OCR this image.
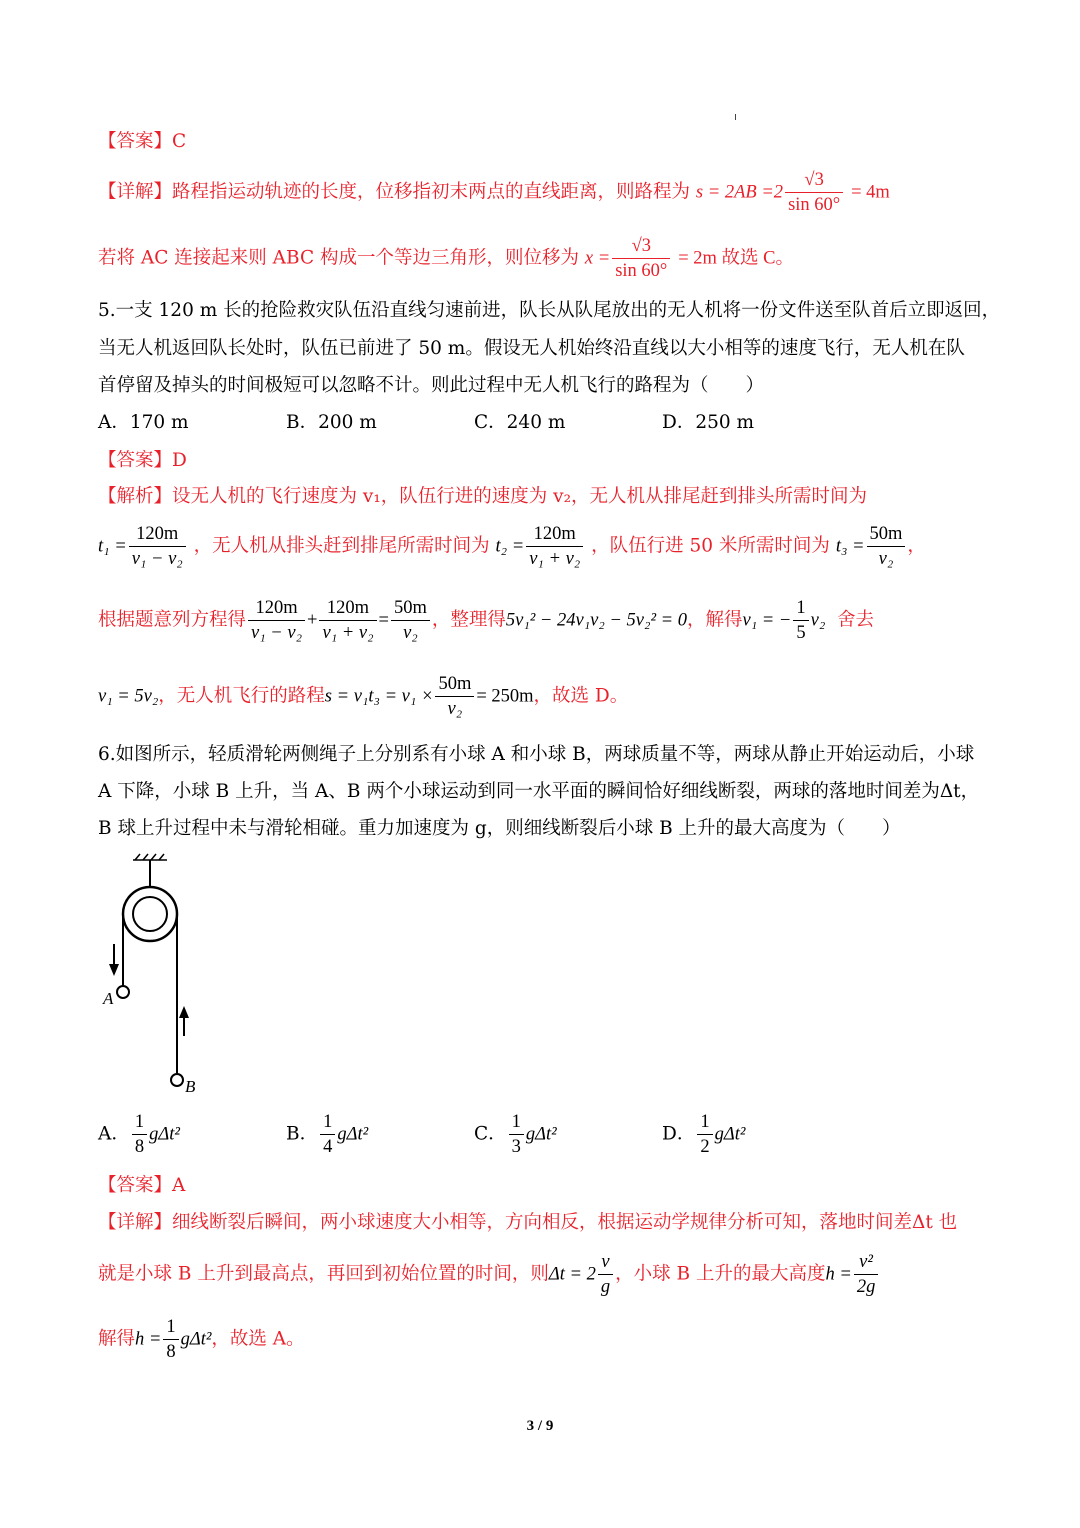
【答案】C
【详解】路程指运动轨迹的长度，位移指初末两点的直线距离，则路程为 $s = 2AB =2 \frac{√3}{\sin 60^\circ} = 4m$
若将 AC 连接起来则 ABC 构成一个等边三角形，则位移为 $x = \frac{√3}{\sin 60^\circ} = 2m$ 故选 C。
5.一支 120 m 长的抢险救灾队伍沿直线匀速前进，队长从队尾放出的无人机将一份文件送至队首后立即返回，
当无人机返回队长处时，队伍已前进了 50 m。假设无人机始终沿直线以大小相等的速度飞行，无人机在队
首停留及掉头的时间极短可以忽略不计。则此过程中无人机飞行的路程为（　　）
A．170 m	B．200 m	C．240 m	D．250 m
【答案】D
【解析】设无人机的飞行速度为 v₁，队伍行进的速度为 v₂，无人机从排尾赶到排头所需时间为
$t_1 = \frac{120m}{\text{v₁ − v₂}}$ ，无人机从排头赶到排尾所需时间为 $t_2 = \frac{120m}{\text{v₁ + v₂}}$ ，队伍行进 50 米所需时间为 $t_3 = \frac{50m}{\text{v₂}}$ ，
根据题意列方程得 $\frac{120m}{\text{v₁ − v₂}} + \frac{120m}{\text{v₁ + v₂}} = \frac{50m}{\text{v₂}}$ ，整理得5v₁² − 24v₁v₂ − 5v₂² = 0，解得v₁ = − $\frac{1}{5} v_2$ 舍去
v₁ = 5v₂，无人机飞行的路程$s = v_1t_3 = v_1 \times \frac{50m}{\text{v₂}} = 250m$，故选 D。
6.如图所示，轻质滑轮两侧绳子上分别系有小球 A 和小球 B，两球质量不等，两球从静止开始运动后，小球
A 下降，小球 B 上升，当 A、B 两个小球运动到同一水平面的瞬间恰好细线断裂，两球的落地时间差为Δt，
B 球上升过程中未与滑轮相碰。重力加速度为 g，则细线断裂后小球 B 上升的最大高度为（　　）
A
B
A． $\frac{1}{8} g\Delta t^2$	B． $\frac{1}{4} g\Delta t^2$	C． $\frac{1}{3} g\Delta t^2$	D． $\frac{1}{2} g\Delta t^2$
【答案】A
【详解】细线断裂后瞬间，两小球速度大小相等，方向相反，根据运动学规律分析可知，落地时间差Δt 也
就是小球 B 上升到最高点，再回到初始位置的时间，则$\Delta t = 2 \frac{v}{g}$ ，小球 B 上升的最大高度$h = \frac{\text{v²}}{2g}$
解得$h = \frac{1}{8} g\Delta t^2$，故选 A。
3 / 9
